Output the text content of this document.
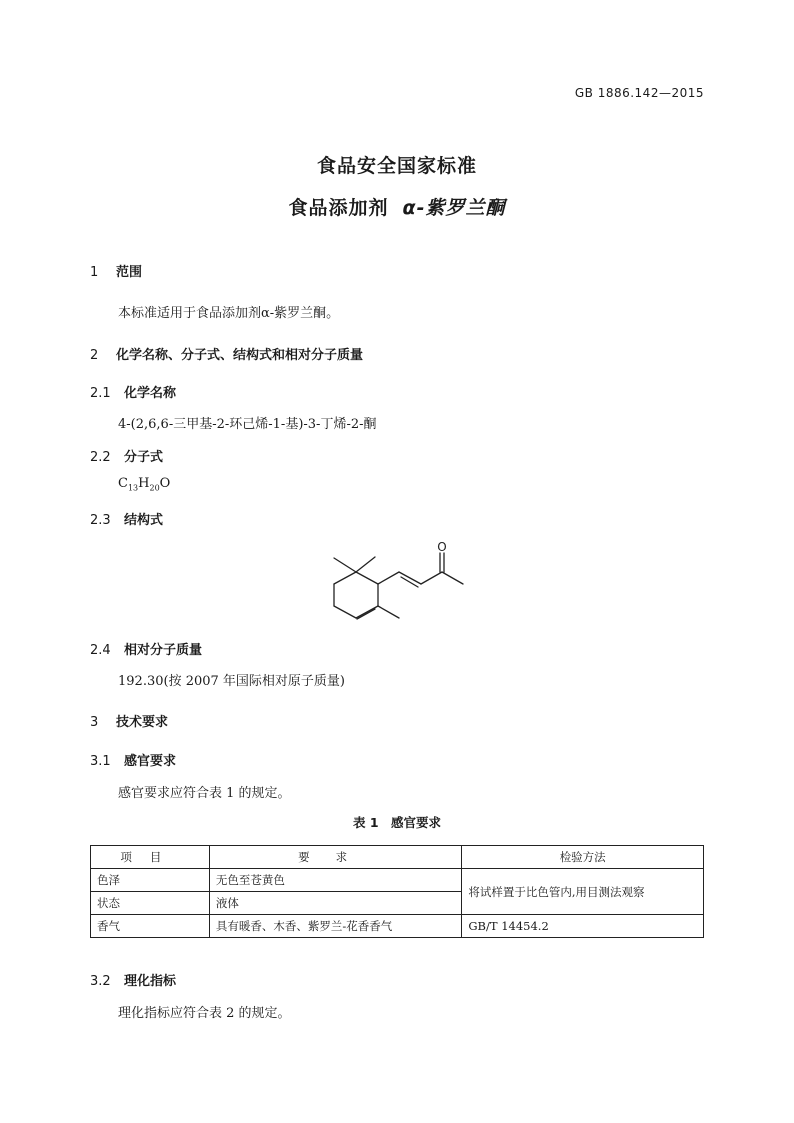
GB 1886.142—2015
食品安全国家标准
食品添加剂 α-紫罗兰酮
1 范围
本标准适用于食品添加剂α-紫罗兰酮。
2 化学名称、分子式、结构式和相对分子质量
2.1 化学名称
4-(2,6,6-三甲基-2-环己烯-1-基)-3-丁烯-2-酮
2.2 分子式
$C_{13}H_{20}O$
2.3 结构式
O
2.4 相对分子质量
192.30(按 2007 年国际相对原子质量)
3 技术要求
3.1 感官要求
感官要求应符合表 1 的规定。
表 1　感官要求
项目	要求	检验方法
色泽	无色至苍黄色	将试样置于比色管内,用目测法观察
状态	液体	
香气	具有暖香、木香、紫罗兰-花香香气	GB/T 14454.2
3.2 理化指标
理化指标应符合表 2 的规定。
